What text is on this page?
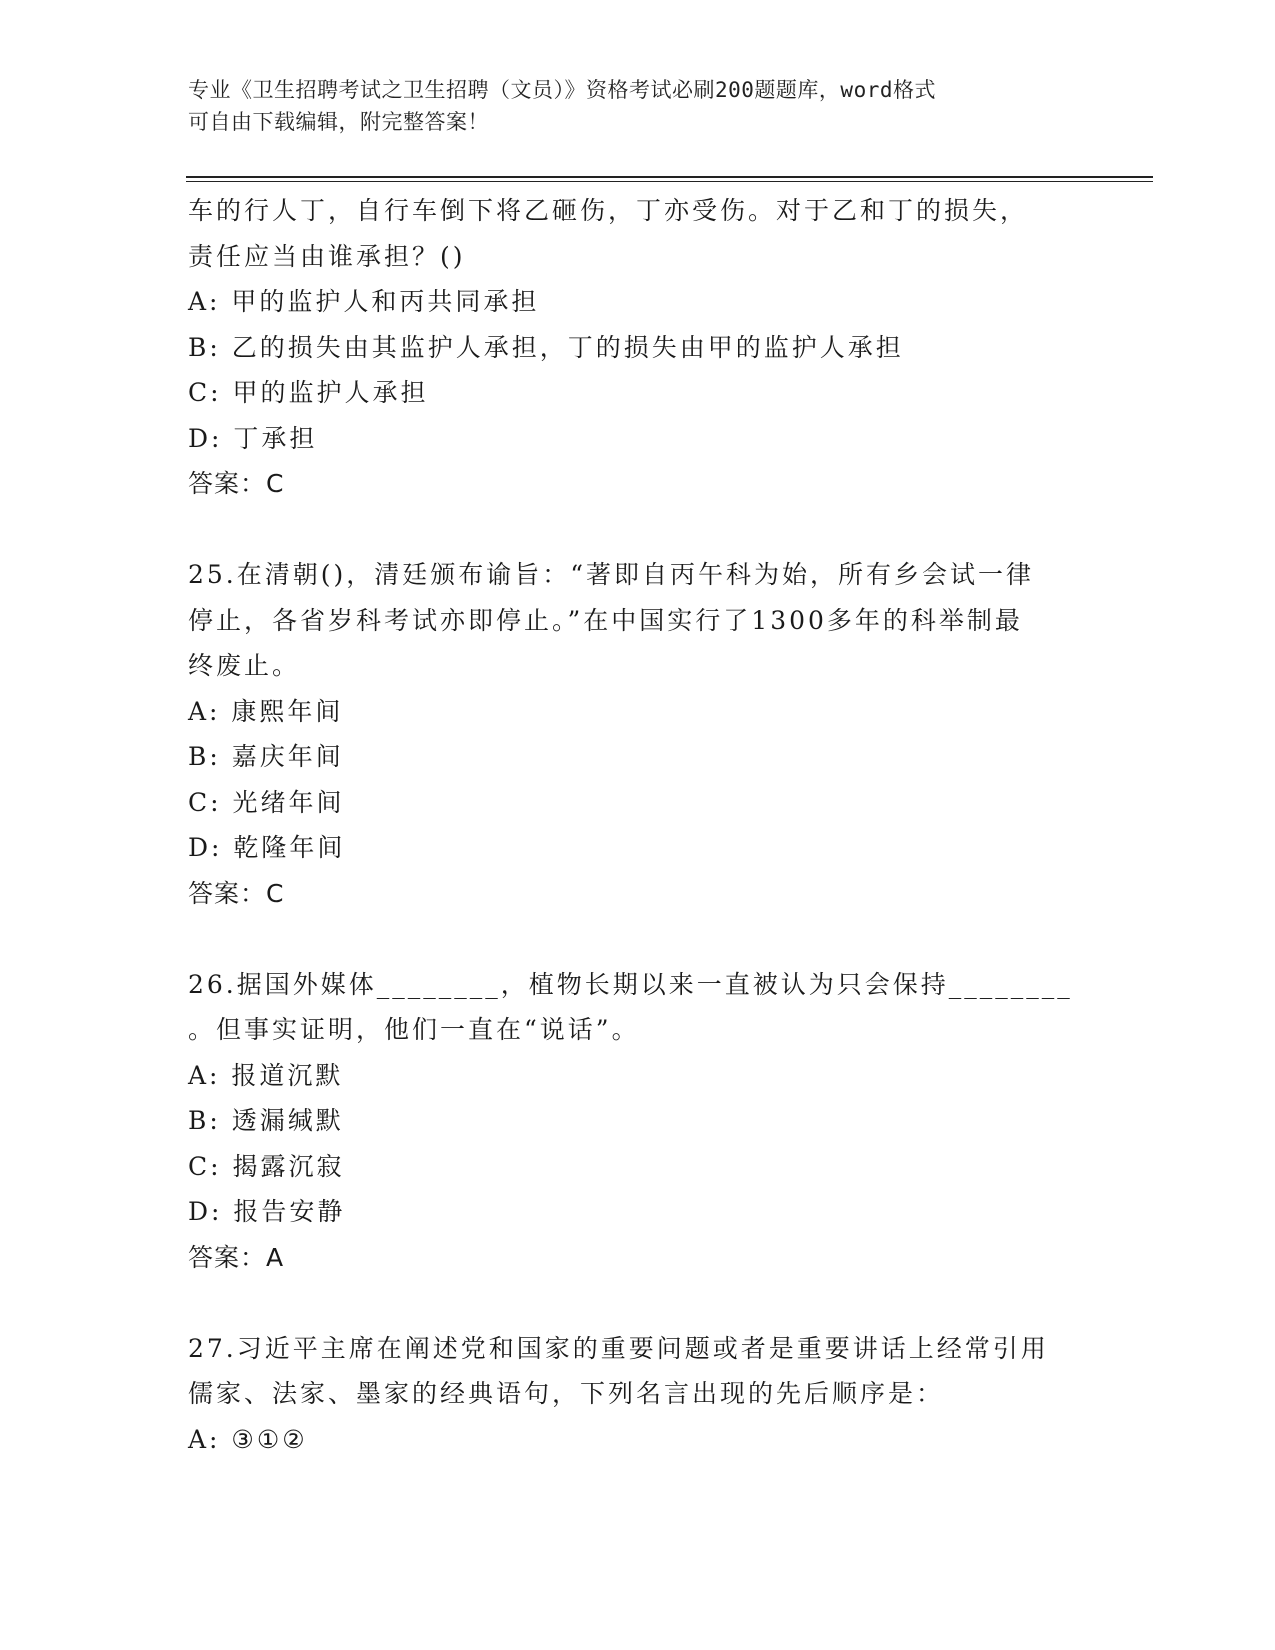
专业《卫生招聘考试之卫生招聘（文员）》资格考试必刷200题题库，word格式
可自由下载编辑，附完整答案！
车的行人丁，自行车倒下将乙砸伤，丁亦受伤。对于乙和丁的损失，
责任应当由谁承担？()
A: 甲的监护人和丙共同承担
B: 乙的损失由其监护人承担，丁的损失由甲的监护人承担
C: 甲的监护人承担
D: 丁承担
答案：C
25.在清朝()，清廷颁布谕旨：“著即自丙午科为始，所有乡会试一律
停止，各省岁科考试亦即停止。”在中国实行了1300多年的科举制最
终废止。
A: 康熙年间
B: 嘉庆年间
C: 光绪年间
D: 乾隆年间
答案：C
26.据国外媒体________，植物长期以来一直被认为只会保持________
。但事实证明，他们一直在“说话”。
A: 报道沉默
B: 透漏缄默
C: 揭露沉寂
D: 报告安静
答案：A
27.习近平主席在阐述党和国家的重要问题或者是重要讲话上经常引用
儒家、法家、墨家的经典语句，下列名言出现的先后顺序是：
A: ③①②
